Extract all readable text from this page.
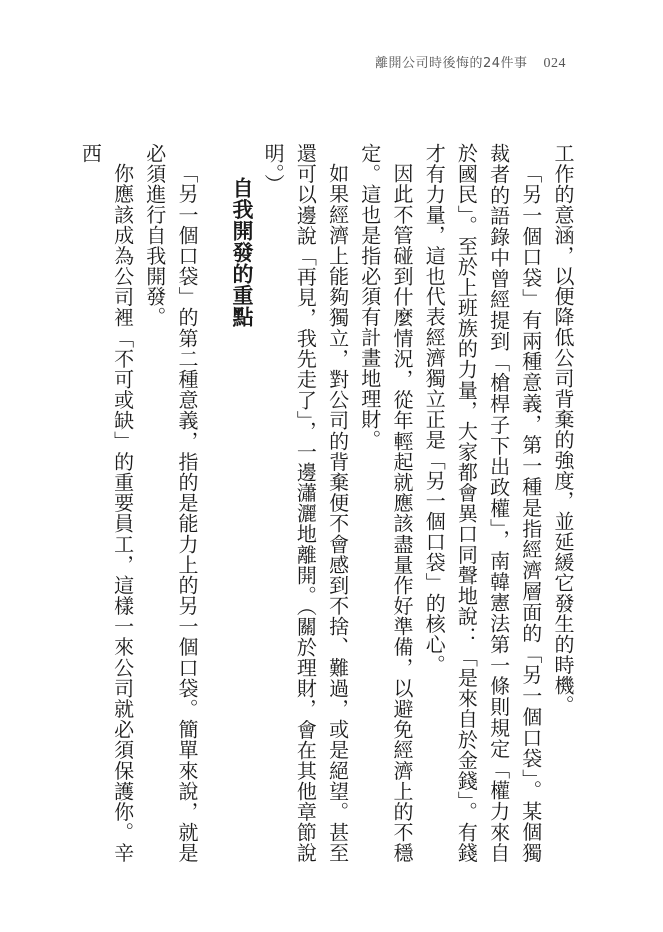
離開公司時後悔的24件事 024

工作的意涵，以便降低公司背棄的強度，並延緩它發生的時機。

「另一個口袋」有兩種意義，第一種是指經濟層面的「另一個口袋」。某個獨裁者的語錄中曾經提到「槍桿子下出政權」，南韓憲法第一條則規定「權力來自於國民」。至於上班族的力量，大家都會異口同聲地說：「是來自於金錢」。有錢才有力量，這也代表經濟獨立正是「另一個口袋」的核心。

因此不管碰到什麼情況，從年輕起就應該盡量作好準備，以避免經濟上的不穩定。這也是指必須有計畫地理財。

如果經濟上能夠獨立，對公司的背棄便不會感到不捨、難過，或是絕望。甚至還可以邊說「再見，我先走了」，一邊瀟灑地離開。（關於理財，會在其他章節說明。）

自我開發的重點

「另一個口袋」的第二種意義，指的是能力上的另一個口袋。簡單來說，就是必須進行自我開發。

你應該成為公司裡「不可或缺」的重要員工，這樣一來公司就必須保護你。辛西
